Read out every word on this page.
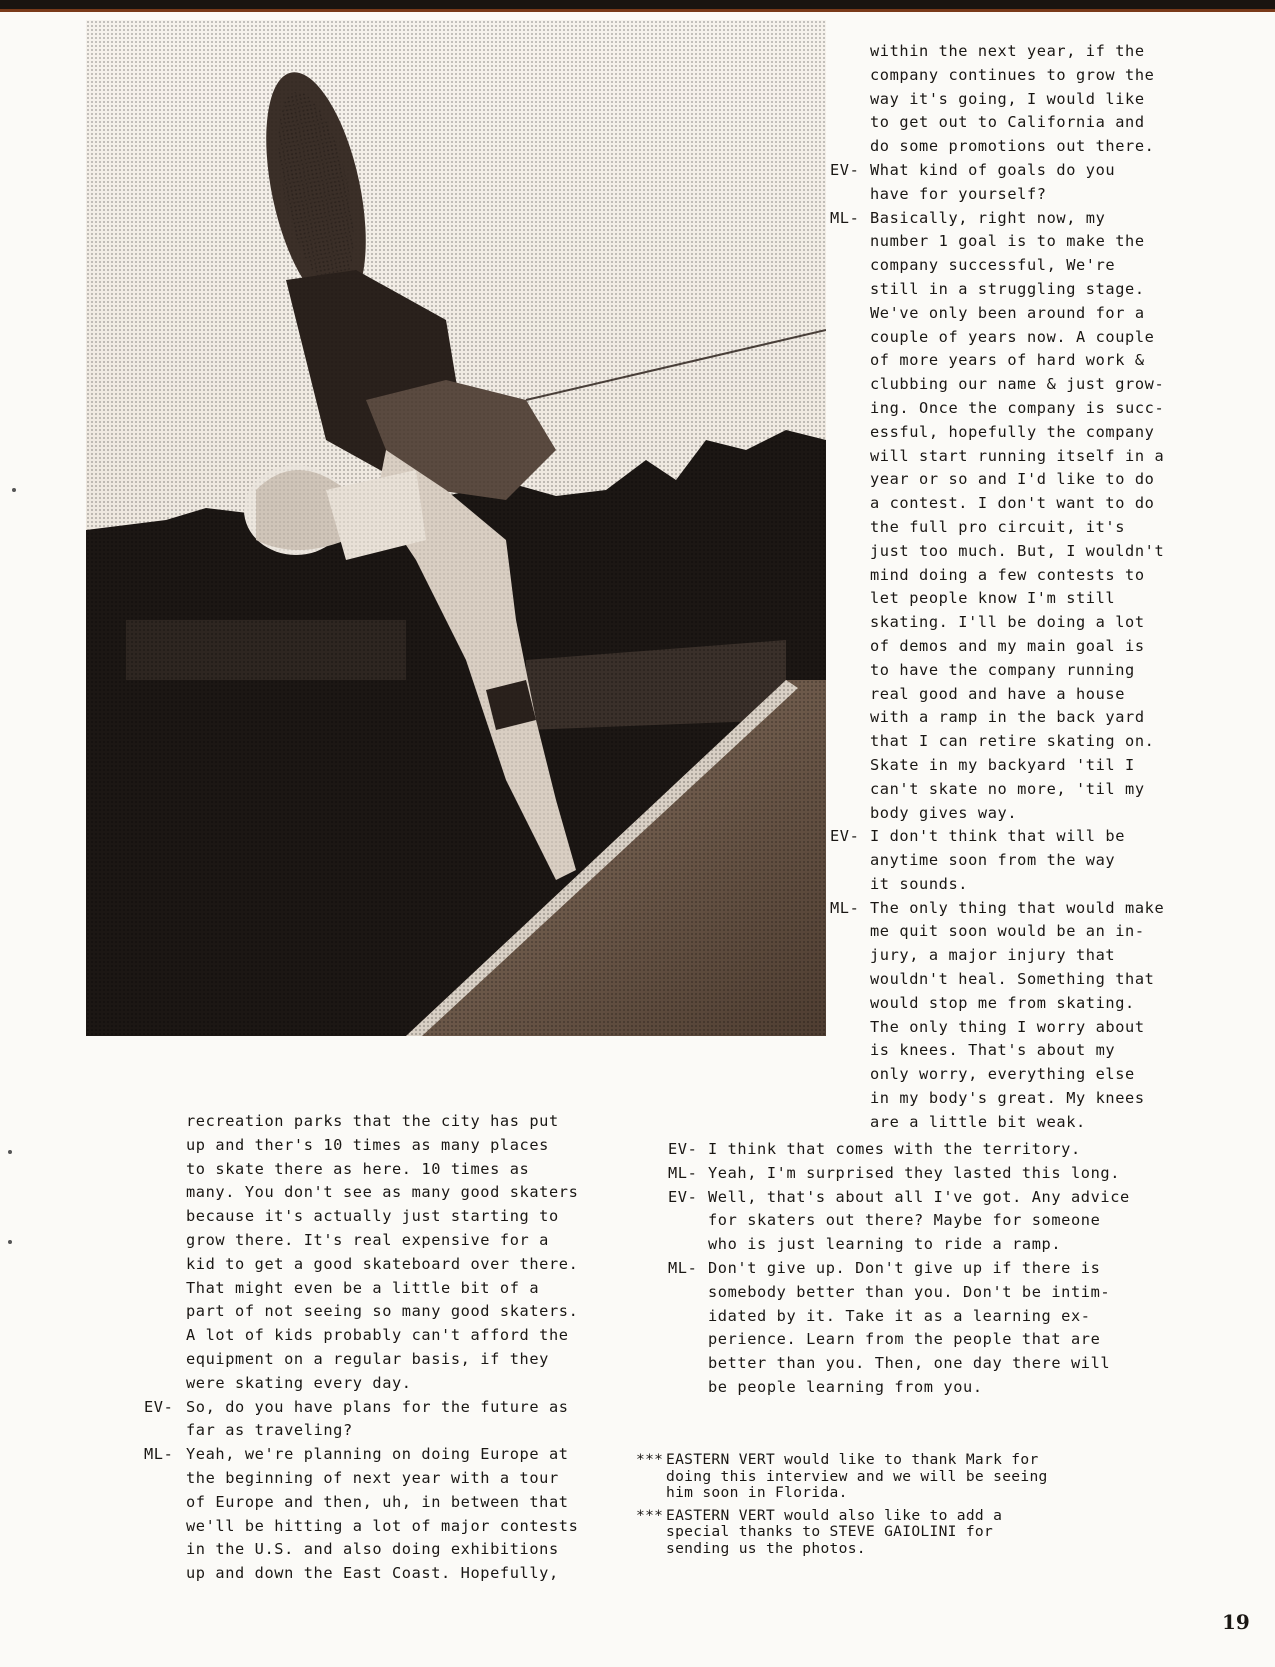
within the next year, if the
company continues to grow the
way it's going, I would like
to get out to California and
do some promotions out there.
EV- What kind of goals do you
have for yourself?
ML- Basically, right now, my
number 1 goal is to make the
company successful, We're
still in a struggling stage.
We've only been around for a
couple of years now. A couple
of more years of hard work &
clubbing our name & just grow-
ing. Once the company is succ-
essful, hopefully the company
will start running itself in a
year or so and I'd like to do
a contest. I don't want to do
the full pro circuit, it's
just too much. But, I wouldn't
mind doing a few contests to
let people know I'm still
skating. I'll be doing a lot
of demos and my main goal is
to have the company running
real good and have a house
with a ramp in the back yard
that I can retire skating on.
Skate in my backyard 'til I
can't skate no more, 'til my
body gives way.
EV- I don't think that will be
anytime soon from the way
it sounds.
ML- The only thing that would make
me quit soon would be an in-
jury, a major injury that
wouldn't heal. Something that
would stop me from skating.
The only thing I worry about
is knees. That's about my
only worry, everything else
in my body's great. My knees
are a little bit weak.
recreation parks that the city has put
up and ther's 10 times as many places
to skate there as here. 10 times as
many. You don't see as many good skaters
because it's actually just starting to
grow there. It's real expensive for a
kid to get a good skateboard over there.
That might even be a little bit of a
part of not seeing so many good skaters.
A lot of kids probably can't afford the
equipment on a regular basis, if they
were skating every day.
EV- So, do you have plans for the future as
far as traveling?
ML- Yeah, we're planning on doing Europe at
the beginning of next year with a tour
of Europe and then, uh, in between that
we'll be hitting a lot of major contests
in the U.S. and also doing exhibitions
up and down the East Coast. Hopefully,
EV- I think that comes with the territory.
ML- Yeah, I'm surprised they lasted this long.
EV- Well, that's about all I've got. Any advice
for skaters out there? Maybe for someone
who is just learning to ride a ramp.
ML- Don't give up. Don't give up if there is
somebody better than you. Don't be intim-
idated by it. Take it as a learning ex-
perience. Learn from the people that are
better than you. Then, one day there will
be people learning from you.
*** EASTERN VERT would like to thank Mark for
doing this interview and we will be seeing
him soon in Florida.
*** EASTERN VERT would also like to add a
special thanks to STEVE GAIOLINI for
sending us the photos.
19
